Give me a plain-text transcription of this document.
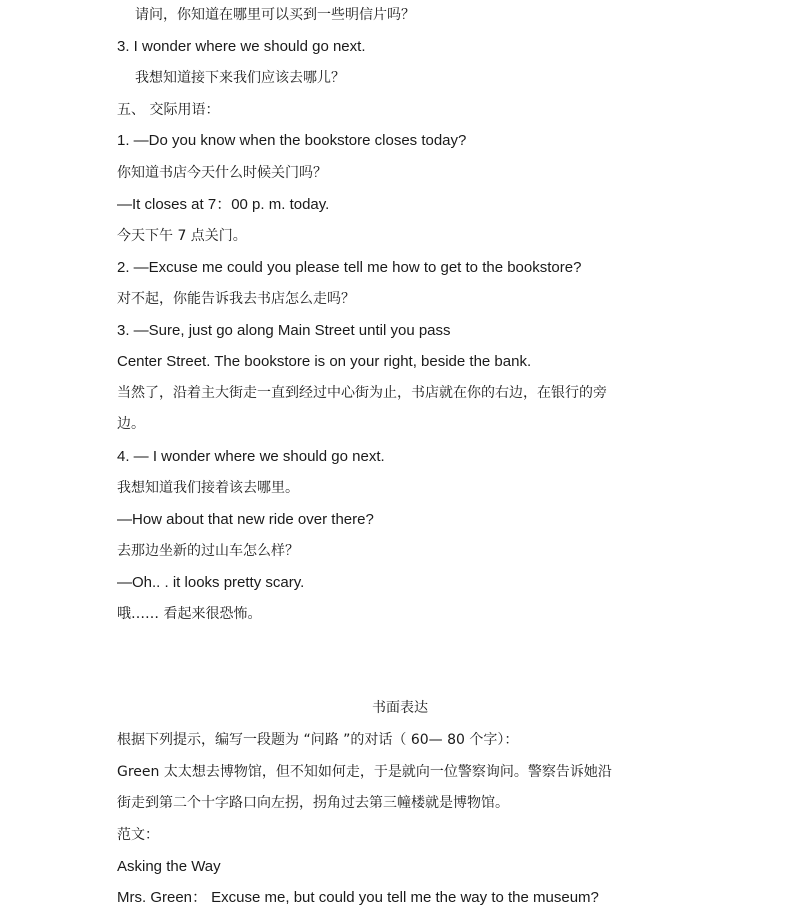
请问，你知道在哪里可以买到一些明信片吗？
3. I wonder where we should go next.
我想知道接下来我们应该去哪儿？
五、 交际用语：
1. —Do you know when the bookstore closes today?
你知道书店今天什么时候关门吗？
—It closes at 7：00 p. m. today.
今天下午 7 点关门。
2. —Excuse me could you please tell me how to get to the bookstore?
对不起，你能告诉我去书店怎么走吗？
3. —Sure, just go along Main Street until you pass
Center Street. The bookstore is on your right, beside the bank.
当然了，沿着主大街走一直到经过中心街为止，书店就在你的右边，在银行的旁
边。
4. — I wonder where we should go next.
我想知道我们接着该去哪里。
—How about that new ride over there?
去那边坐新的过山车怎么样？
—Oh.. . it looks pretty scary.
哦…… 看起来很恐怖。
书面表达
根据下列提示，编写一段题为 “问路 ”的对话（ 60— 80 个字）：
Green 太太想去博物馆，但不知如何走，于是就向一位警察询问。警察告诉她沿
街走到第二个十字路口向左拐，拐角过去第三幢楼就是博物馆。
范文：
Asking the Way
Mrs. Green： Excuse me, but could you tell me the way to the museum?
